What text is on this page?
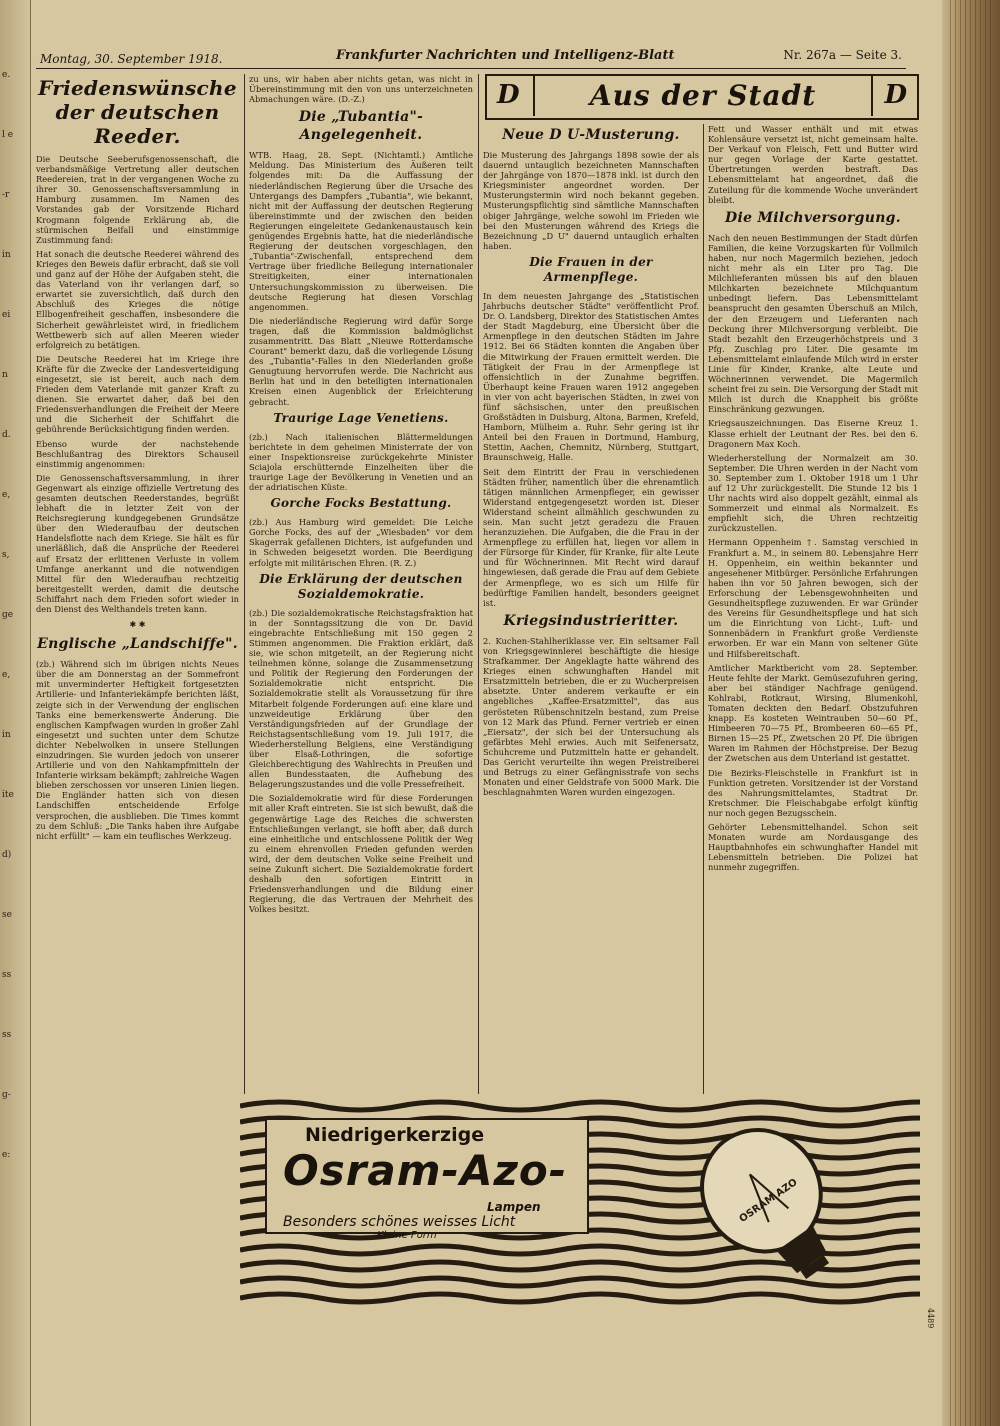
e.
l e
-r
in
ei
n
d.
e,
s,
ge
e,
in
ite
d)
se
ss
ss
g-
e:
Montag, 30. September 1918.	Frankfurter Nachrichten und Intelligenz-Blatt	Nr. 267a — Seite 3.
Friedenswünsche der deutschen Reeder.

Die Deutsche Seeberufsgenossenschaft, die verbandsmäßige Vertretung aller deutschen Reedereien, trat in der vergangenen Woche zu ihrer 30. Genossenschaftsversammlung in Hamburg zusammen. Im Namen des Vorstandes gab der Vorsitzende Richard Krogmann folgende Erklärung ab, die stürmischen Beifall und einstimmige Zustimmung fand:

Hat sonach die deutsche Reederei während des Krieges den Beweis dafür erbracht, daß sie voll und ganz auf der Höhe der Aufgaben steht, die das Vaterland von ihr verlangen darf, so erwartet sie zuversichtlich, daß durch den Abschluß des Krieges die nötige Ellbogenfreiheit geschaffen, insbesondere die Sicherheit gewährleistet wird, in friedlichem Wettbewerb sich auf allen Meeren wieder erfolgreich zu betätigen.

Die Deutsche Reederei hat im Kriege ihre Kräfte für die Zwecke der Landesverteidigung eingesetzt, sie ist bereit, auch nach dem Frieden dem Vaterlande mit ganzer Kraft zu dienen. Sie erwartet daher, daß bei den Friedensverhandlungen die Freiheit der Meere und die Sicherheit der Schiffahrt die gebührende Berücksichtigung finden werden.

Ebenso wurde der nachstehende Beschlußantrag des Direktors Schauseil einstimmig angenommen:

Die Genossenschaftsversammlung, in ihrer Gegenwart als einzige offizielle Vertretung des gesamten deutschen Reederstandes, begrüßt lebhaft die in letzter Zeit von der Reichsregierung kundgegebenen Grundsätze über den Wiederaufbau der deutschen Handelsflotte nach dem Kriege. Sie hält es für unerläßlich, daß die Ansprüche der Reederei auf Ersatz der erlittenen Verluste in vollem Umfange anerkannt und die notwendigen Mittel für den Wiederaufbau rechtzeitig bereitgestellt werden, damit die deutsche Schiffahrt nach dem Frieden sofort wieder in den Dienst des Welthandels treten kann.

✱ ✱
Englische „Landschiffe".

(zb.) Während sich im übrigen nichts Neues über die am Donnerstag an der Sommefront mit unverminderter Heftigkeit fortgesetzten Artillerie- und Infanteriekämpfe berichten läßt, zeigte sich in der Verwendung der englischen Tanks eine bemerkenswerte Änderung. Die englischen Kampfwagen wurden in großer Zahl eingesetzt und suchten unter dem Schutze dichter Nebelwolken in unsere Stellungen einzudringen. Sie wurden jedoch von unserer Artillerie und von den Nahkampfmitteln der Infanterie wirksam bekämpft; zahlreiche Wagen blieben zerschossen vor unseren Linien liegen. Die Engländer hatten sich von diesen Landschiffen entscheidende Erfolge versprochen, die ausblieben. Die Times kommt zu dem Schluß: „Die Tanks haben ihre Aufgabe nicht erfüllt" — kam ein teuflisches Werkzeug.

zu uns, wir haben aber nichts getan, was nicht in Übereinstimmung mit den von uns unterzeichneten Abmachungen wäre. (D.-Z.)

Die „Tubantia"-Angelegenheit.

WTB. Haag, 28. Sept. (Nichtamtl.) Amtliche Meldung. Das Ministerium des Äußeren teilt folgendes mit: Da die Auffassung der niederländischen Regierung über die Ursache des Untergangs des Dampfers „Tubantia", wie bekannt, nicht mit der Auffassung der deutschen Regierung übereinstimmte und der zwischen den beiden Regierungen eingeleitete Gedankenaustausch kein genügendes Ergebnis hatte, hat die niederländische Regierung der deutschen vorgeschlagen, den „Tubantia"-Zwischenfall, entsprechend dem Vertrage über friedliche Beilegung internationaler Streitigkeiten, einer internationalen Untersuchungskommission zu überweisen. Die deutsche Regierung hat diesen Vorschlag angenommen.

Die niederländische Regierung wird dafür Sorge tragen, daß die Kommission baldmöglichst zusammentritt. Das Blatt „Nieuwe Rotterdamsche Courant" bemerkt dazu, daß die vorliegende Lösung des „Tubantia"-Falles in den Niederlanden große Genugtuung hervorrufen werde. Die Nachricht aus Berlin hat und in den beteiligten internationalen Kreisen einen Augenblick der Erleichterung gebracht.

Traurige Lage Venetiens.

(zb.) Nach italienischen Blättermeldungen berichtete in dem geheimen Ministerrate der von einer Inspektionsreise zurückgekehrte Minister Sciajola erschütternde Einzelheiten über die traurige Lage der Bevölkerung in Venetien und an der adriatischen Küste.

Gorche Focks Bestattung.

(zb.) Aus Hamburg wird gemeldet: Die Leiche Gorche Focks, des auf der „Wiesbaden" vor dem Skagerrak gefallenen Dichters, ist aufgefunden und in Schweden beigesetzt worden. Die Beerdigung erfolgte mit militärischen Ehren. (R. Z.)

Die Erklärung der deutschen Sozialdemokratie.

(zb.) Die sozialdemokratische Reichstagsfraktion hat in der Sonntagssitzung die von Dr. David eingebrachte Entschließung mit 150 gegen 2 Stimmen angenommen. Die Fraktion erklärt, daß sie, wie schon mitgeteilt, an der Regierung nicht teilnehmen könne, solange die Zusammensetzung und Politik der Regierung den Forderungen der Sozialdemokratie nicht entspricht. Die Sozialdemokratie stellt als Voraussetzung für ihre Mitarbeit folgende Forderungen auf: eine klare und unzweideutige Erklärung über den Verständigungsfrieden auf der Grundlage der Reichstagsentschließung vom 19. Juli 1917, die Wiederherstellung Belgiens, eine Verständigung über Elsaß-Lothringen, die sofortige Gleichberechtigung des Wahlrechts in Preußen und allen Bundesstaaten, die Aufhebung des Belagerungszustandes und die volle Pressefreiheit.

Die Sozialdemokratie wird für diese Forderungen mit aller Kraft eintreten. Sie ist sich bewußt, daß die gegenwärtige Lage des Reiches die schwersten Entschließungen verlangt, sie hofft aber, daß durch eine einheitliche und entschlossene Politik der Weg zu einem ehrenvollen Frieden gefunden werden wird, der dem deutschen Volke seine Freiheit und seine Zukunft sichert. Die Sozialdemokratie fordert deshalb den sofortigen Eintritt in Friedensverhandlungen und die Bildung einer Regierung, die das Vertrauen der Mehrheit des Volkes besitzt.

D	Aus der Stadt	D
Neue D U-Musterung.

Die Musterung des Jahrgangs 1898 sowie der als dauernd untauglich bezeichneten Mannschaften der Jahrgänge von 1870—1878 inkl. ist durch den Kriegsminister angeordnet worden. Der Musterungstermin wird noch bekannt gegeben. Musterungspflichtig sind sämtliche Mannschaften obiger Jahrgänge, welche sowohl im Frieden wie bei den Musterungen während des Kriegs die Bezeichnung „D U" dauernd untauglich erhalten haben.

Die Frauen in der Armenpflege.

In dem neuesten Jahrgange des „Statistischen Jahrbuchs deutscher Städte" veröffentlicht Prof. Dr. O. Landsberg, Direktor des Statistischen Amtes der Stadt Magdeburg, eine Übersicht über die Armenpflege in den deutschen Städten im Jahre 1912. Bei 66 Städten konnten die Angaben über die Mitwirkung der Frauen ermittelt werden. Die Tätigkeit der Frau in der Armenpflege ist offensichtlich in der Zunahme begriffen. Überhaupt keine Frauen waren 1912 angegeben in vier von acht bayerischen Städten, in zwei von fünf sächsischen, unter den preußischen Großstädten in Duisburg, Altona, Barmen, Krefeld, Hamborn, Mülheim a. Ruhr. Sehr gering ist ihr Anteil bei den Frauen in Dortmund, Hamburg, Stettin, Aachen, Chemnitz, Nürnberg, Stuttgart, Braunschweig, Halle.

Seit dem Eintritt der Frau in verschiedenen Städten früher, namentlich über die ehrenamtlich tätigen männlichen Armenpfleger, ein gewisser Widerstand entgegengesetzt worden ist. Dieser Widerstand scheint allmählich geschwunden zu sein. Man sucht jetzt geradezu die Frauen heranzuziehen. Die Aufgaben, die die Frau in der Armenpflege zu erfüllen hat, liegen vor allem in der Fürsorge für Kinder, für Kranke, für alte Leute und für Wöchnerinnen. Mit Recht wird darauf hingewiesen, daß gerade die Frau auf dem Gebiete der Armenpflege, wo es sich um Hilfe für bedürftige Familien handelt, besonders geeignet ist.

Kriegsindustrieritter.

2. Kuchen-Stahlheriklasse ver. Ein seltsamer Fall von Kriegsgewinnlerei beschäftigte die hiesige Strafkammer. Der Angeklagte hatte während des Krieges einen schwunghaften Handel mit Ersatzmitteln betrieben, die er zu Wucherpreisen absetzte. Unter anderem verkaufte er ein angebliches „Kaffee-Ersatzmittel", das aus gerösteten Rübenschnitzeln bestand, zum Preise von 12 Mark das Pfund. Ferner vertrieb er einen „Eiersatz", der sich bei der Untersuchung als gefärbtes Mehl erwies. Auch mit Seifenersatz, Schuhcreme und Putzmitteln hatte er gehandelt. Das Gericht verurteilte ihn wegen Preistreiberei und Betrugs zu einer Gefängnisstrafe von sechs Monaten und einer Geldstrafe von 5000 Mark. Die beschlagnahmten Waren wurden eingezogen.

Fett und Wasser enthält und mit etwas Kohlensäure versetzt ist, nicht gemeinsam halte. Der Verkauf von Fleisch, Fett und Butter wird nur gegen Vorlage der Karte gestattet. Übertretungen werden bestraft. Das Lebensmittelamt hat angeordnet, daß die Zuteilung für die kommende Woche unverändert bleibt.

Die Milchversorgung.

Nach den neuen Bestimmungen der Stadt dürfen Familien, die keine Vorzugskarten für Vollmilch haben, nur noch Magermilch beziehen, jedoch nicht mehr als ein Liter pro Tag. Die Milchlieferanten müssen bis auf den blauen Milchkarten bezeichnete Milchquantum unbedingt liefern. Das Lebensmittelamt beansprucht den gesamten Überschuß an Milch, der den Erzeugern und Lieferanten nach Deckung ihrer Milchversorgung verbleibt. Die Stadt bezahlt den Erzeugerhöchstpreis und 3 Pfg. Zuschlag pro Liter. Die gesamte im Lebensmittelamt einlaufende Milch wird in erster Linie für Kinder, Kranke, alte Leute und Wöchnerinnen verwendet. Die Magermilch scheint frei zu sein. Die Versorgung der Stadt mit Milch ist durch die Knappheit bis größte Einschränkung gezwungen.

Kriegsauszeichnungen. Das Eiserne Kreuz 1. Klasse erhielt der Leutnant der Res. bei den 6. Dragonern Max Koch.

Wiederherstellung der Normalzeit am 30. September. Die Uhren werden in der Nacht vom 30. September zum 1. Oktober 1918 um 1 Uhr auf 12 Uhr zurückgestellt. Die Stunde 12 bis 1 Uhr nachts wird also doppelt gezählt, einmal als Sommerzeit und einmal als Normalzeit. Es empfiehlt sich, die Uhren rechtzeitig zurückzustellen.

Hermann Oppenheim †. Samstag verschied in Frankfurt a. M., in seinem 80. Lebensjahre Herr H. Oppenheim, ein weithin bekannter und angesehener Mitbürger. Persönliche Erfahrungen haben ihn vor 50 Jahren bewogen, sich der Erforschung der Lebensgewohnheiten und Gesundheitspflege zuzuwenden. Er war Gründer des Vereins für Gesundheitspflege und hat sich um die Einrichtung von Licht-, Luft- und Sonnenbädern in Frankfurt große Verdienste erworben. Er war ein Mann von seltener Güte und Hilfsbereitschaft.

Amtlicher Marktbericht vom 28. September. Heute fehlte der Markt. Gemüsezufuhren gering, aber bei ständiger Nachfrage genügend. Kohlrabi, Rotkraut, Wirsing, Blumenkohl, Tomaten deckten den Bedarf. Obstzufuhren knapp. Es kosteten Weintrauben 50—60 Pf., Himbeeren 70—75 Pf., Brombeeren 60—65 Pf., Birnen 15—25 Pf., Zwetschen 20 Pf. Die übrigen Waren im Rahmen der Höchstpreise. Der Bezug der Zwetschen aus dem Unterland ist gestattet.

Die Bezirks-Fleischstelle in Frankfurt ist in Funktion getreten. Vorsitzender ist der Vorstand des Nahrungsmittelamtes, Stadtrat Dr. Kretschmer. Die Fleischabgabe erfolgt künftig nur noch gegen Bezugsschein.

Gehörter Lebensmittelhandel. Schon seit Monaten wurde am Nordausgange des Hauptbahnhofes ein schwunghafter Handel mit Lebensmitteln betrieben. Die Polizei hat nunmehr zugegriffen.

Niedrigerkerzige
Osram-Azo-
Lampen
Besonders schönes weisses Licht
Kleine Form
OSRAM AZO
4489
